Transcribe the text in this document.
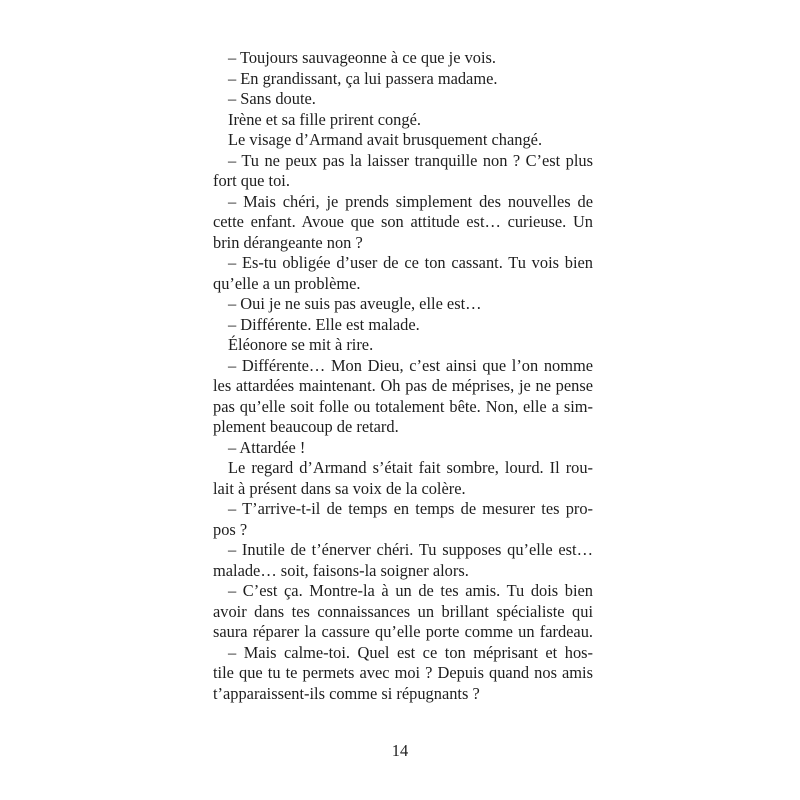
– Toujours sauvageonne à ce que je vois.
– En grandissant, ça lui passera madame.
– Sans doute.
Irène et sa fille prirent congé.
Le visage d’Armand avait brusquement changé.
– Tu ne peux pas la laisser tranquille non ? C’est plus
fort que toi.
– Mais chéri, je prends simplement des nouvelles de
cette enfant. Avoue que son attitude est… curieuse. Un
brin dérangeante non ?
– Es-tu obligée d’user de ce ton cassant. Tu vois bien
qu’elle a un problème.
– Oui je ne suis pas aveugle, elle est…
– Différente. Elle est malade.
Éléonore se mit à rire.
– Différente… Mon Dieu, c’est ainsi que l’on nomme
les attardées maintenant. Oh pas de méprises, je ne pense
pas qu’elle soit folle ou totalement bête. Non, elle a sim-
plement beaucoup de retard.
– Attardée !
Le regard d’Armand s’était fait sombre, lourd. Il rou-
lait à présent dans sa voix de la colère.
– T’arrive-t-il de temps en temps de mesurer tes pro-
pos ?
– Inutile de t’énerver chéri. Tu supposes qu’elle est…
malade… soit, faisons-la soigner alors.
– C’est ça. Montre-la à un de tes amis. Tu dois bien
avoir dans tes connaissances un brillant spécialiste qui
saura réparer la cassure qu’elle porte comme un fardeau.
– Mais calme-toi. Quel est ce ton méprisant et hos-
tile que tu te permets avec moi ? Depuis quand nos amis
t’apparaissent-ils comme si répugnants ?
14
